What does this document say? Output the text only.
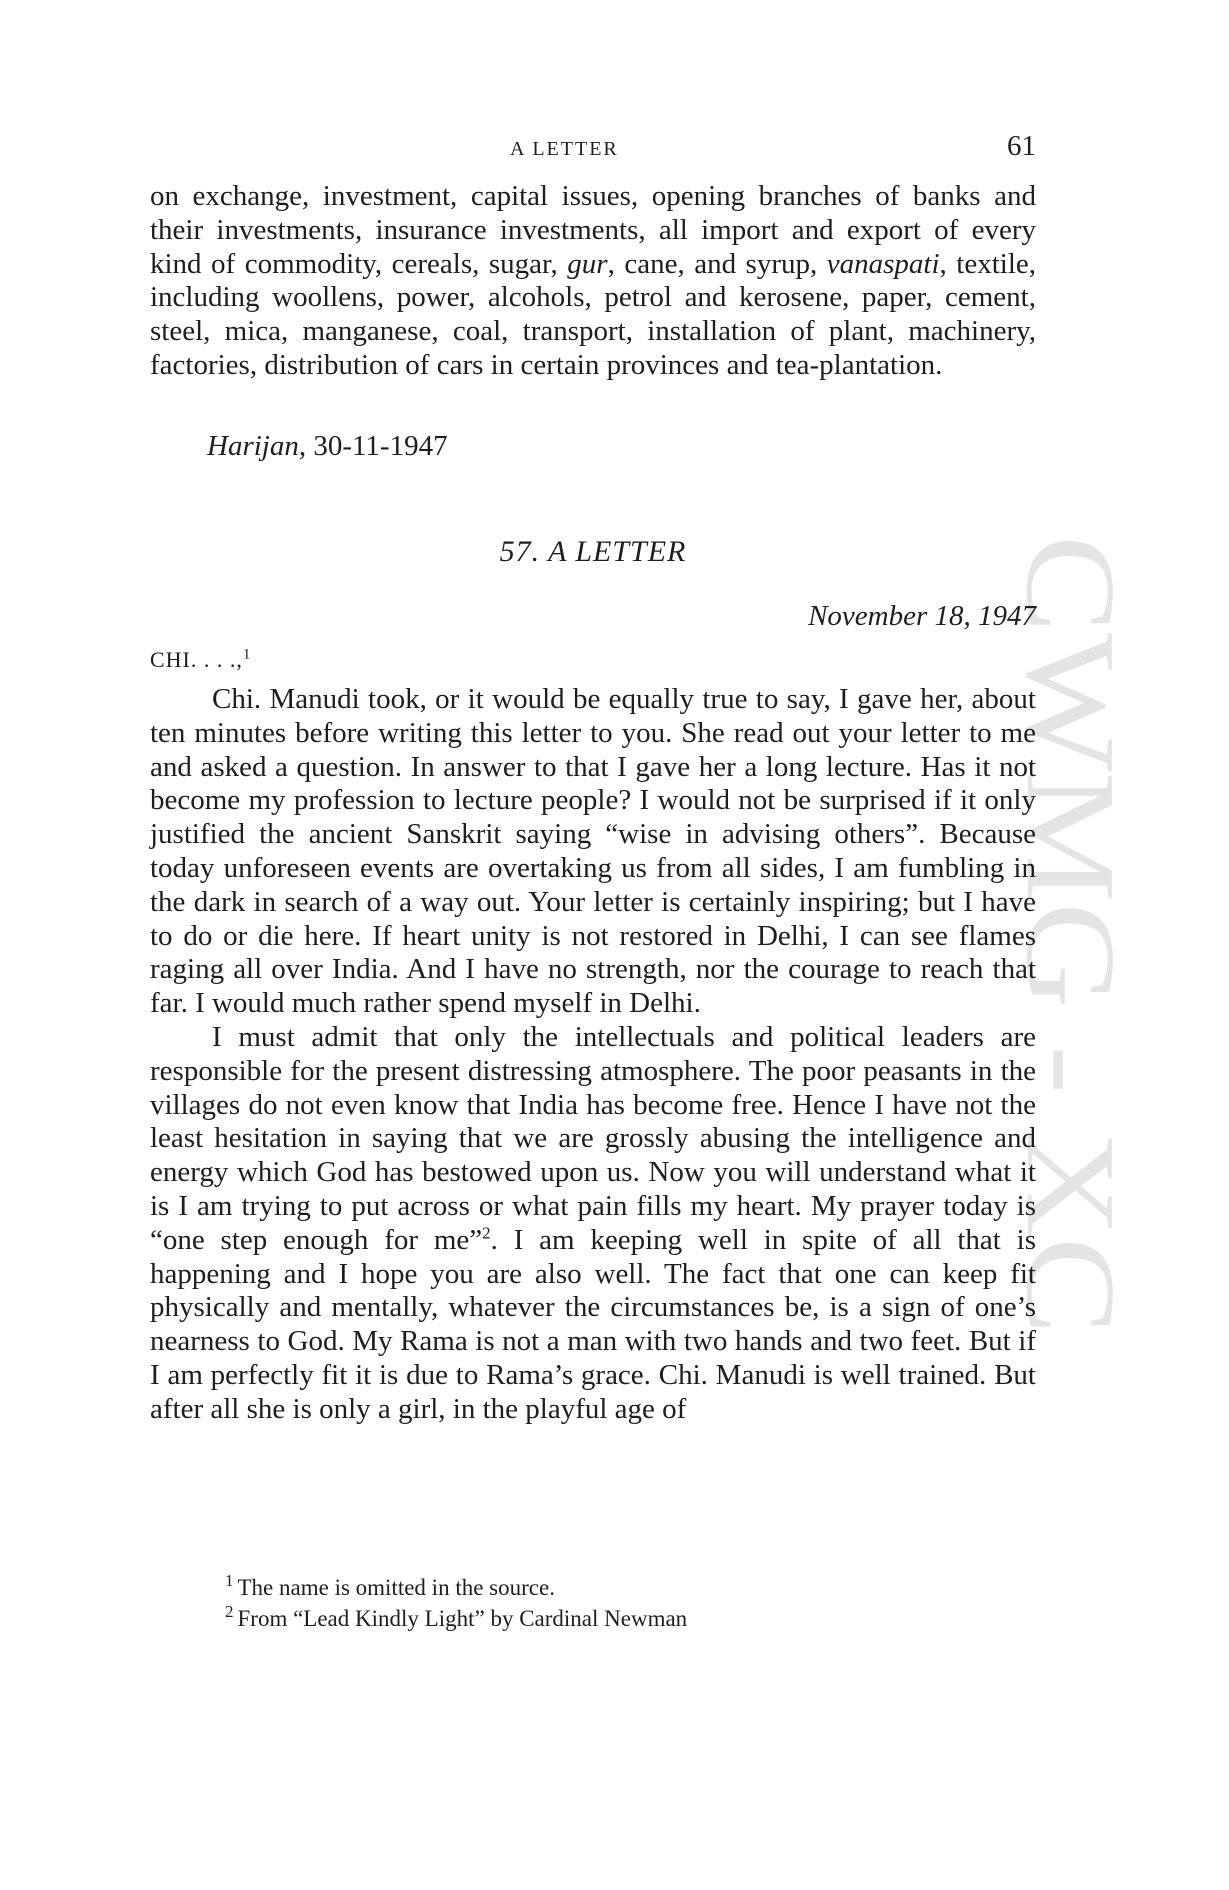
CWMG - XC
A LETTER	61

on exchange, investment, capital issues, opening branches of banks and their investments, insurance investments, all import and export of every kind of commodity, cereals, sugar, gur, cane, and syrup, vanaspati, textile, including woollens, power, alcohols, petrol and kerosene, paper, cement, steel, mica, manganese, coal, transport, installation of plant, machinery, factories, distribution of cars in certain provinces and tea-plantation.

Harijan, 30-11-1947
57. A LETTER
November 18, 1947
CHI. . . .,$^1$

Chi. Manudi took, or it would be equally true to say, I gave her, about ten minutes before writing this letter to you. She read out your letter to me and asked a question. In answer to that I gave her a long lecture. Has it not become my profession to lecture people? I would not be surprised if it only justified the ancient Sanskrit saying “wise in advising others”. Because today unforeseen events are overtaking us from all sides, I am fumbling in the dark in search of a way out. Your letter is certainly inspiring; but I have to do or die here. If heart unity is not restored in Delhi, I can see flames raging all over India. And I have no strength, nor the courage to reach that far. I would much rather spend myself in Delhi.

I must admit that only the intellectuals and political leaders are responsible for the present distressing atmosphere. The poor peasants in the villages do not even know that India has become free. Hence I have not the least hesitation in saying that we are grossly abusing the intelligence and energy which God has bestowed upon us. Now you will understand what it is I am trying to put across or what pain fills my heart. My prayer today is “one step enough for me”$^2$. I am keeping well in spite of all that is happening and I hope you are also well. The fact that one can keep fit physically and mentally, whatever the circumstances be, is a sign of one’s nearness to God. My Rama is not a man with two hands and two feet. But if I am perfectly fit it is due to Rama’s grace. Chi. Manudi is well trained. But after all she is only a girl, in the playful age of

$^1$ The name is omitted in the source.
$^2$ From “Lead Kindly Light” by Cardinal Newman
